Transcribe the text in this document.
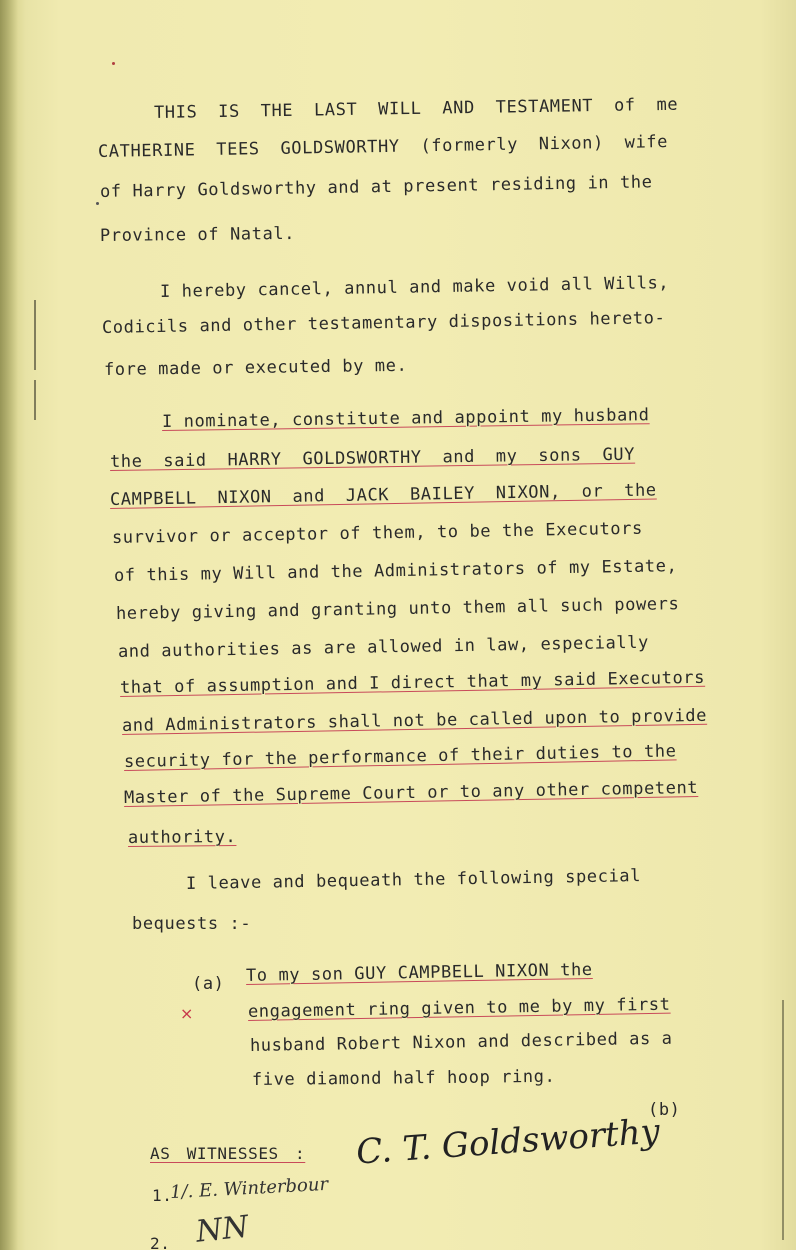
THIS IS THE LAST WILL AND TESTAMENT of me
CATHERINE TEES GOLDSWORTHY (formerly Nixon) wife
of Harry Goldsworthy and at present residing in the
Province of Natal.
I hereby cancel, annul and make void all Wills,
Codicils and other testamentary dispositions hereto-
fore made or executed by me.
I nominate, constitute and appoint my husband
the said HARRY GOLDSWORTHY and my sons GUY
CAMPBELL NIXON and JACK BAILEY NIXON, or the
survivor or acceptor of them, to be the Executors
of this my Will and the Administrators of my Estate,
hereby giving and granting unto them all such powers
and authorities as are allowed in law, especially
that of assumption and I direct that my said Executors
and Administrators shall not be called upon to provide
security for the performance of their duties to the
Master of the Supreme Court or to any other competent
authority.
I leave and bequeath the following special
bequests :-
(a) To my son GUY CAMPBELL NIXON the
engagement ring given to me by my first
husband Robert Nixon and described as a
five diamond half hoop ring.
(b)
×
AS WITNESSES : C. T. Goldsworthy
1.
1/. E. Winterbour
2. NN
